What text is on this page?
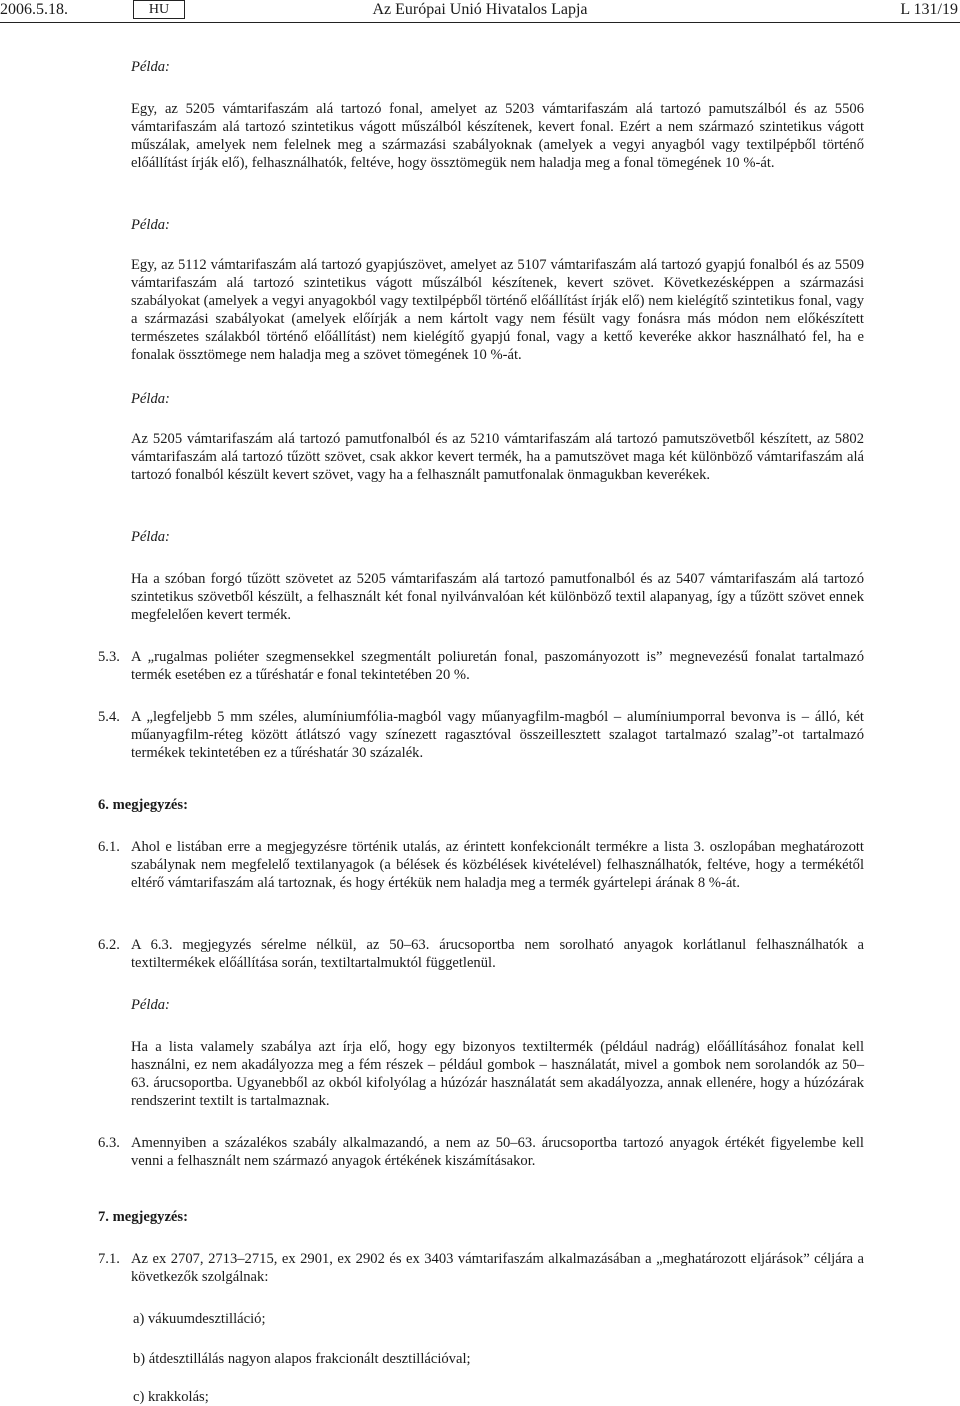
2006.5.18.	Az Európai Unió Hivatalos Lapja
HU	L 131/19
Példa:
Egy, az 5205 vámtarifaszám alá tartozó fonal, amelyet az 5203 vámtarifaszám alá tartozó pamutszálból és az 5506 vámtarifaszám alá tartozó szintetikus vágott műszálból készítenek, kevert fonal. Ezért a nem származó szintetikus vágott műszálak, amelyek nem felelnek meg a származási szabályoknak (amelyek a vegyi anyagból vagy textilpépből történő előállítást írják elő), felhasználhatók, feltéve, hogy össztömegük nem haladja meg a fonal tömegének 10 %-át.
Példa:
Egy, az 5112 vámtarifaszám alá tartozó gyapjúszövet, amelyet az 5107 vámtarifaszám alá tartozó gyapjú fonalból és az 5509 vámtarifaszám alá tartozó szintetikus vágott műszálból készítenek, kevert szövet. Következésképpen a származási szabályokat (amelyek a vegyi anyagokból vagy textilpépből történő előállítást írják elő) nem kielégítő szintetikus fonal, vagy a származási szabályokat (amelyek előírják a nem kártolt vagy nem fésült vagy fonásra más módon nem előkészített természetes szálakból történő előállítást) nem kielégítő gyapjú fonal, vagy a kettő keveréke akkor használható fel, ha e fonalak össztömege nem haladja meg a szövet tömegének 10 %-át.
Példa:
Az 5205 vámtarifaszám alá tartozó pamutfonalból és az 5210 vámtarifaszám alá tartozó pamutszövetből készített, az 5802 vámtarifaszám alá tartozó tűzött szövet, csak akkor kevert termék, ha a pamutszövet maga két különböző vámtarifaszám alá tartozó fonalból készült kevert szövet, vagy ha a felhasznált pamutfonalak önmagukban keverékek.
Példa:
Ha a szóban forgó tűzött szövetet az 5205 vámtarifaszám alá tartozó pamutfonalból és az 5407 vámtarifaszám alá tartozó szintetikus szövetből készült, a felhasznált két fonal nyilvánvalóan két különböző textil alapanyag, így a tűzött szövet ennek megfelelően kevert termék.
5.3. A „rugalmas poliéter szegmensekkel szegmentált poliuretán fonal, paszományozott is” megnevezésű fonalat tartalmazó termék esetében ez a tűréshatár e fonal tekintetében 20 %.
5.4. A „legfeljebb 5 mm széles, alumíniumfólia-magból vagy műanyagfilm-magból – alumíniumporral bevonva is – álló, két műanyagfilm-réteg között átlátszó vagy színezett ragasztóval összeillesztett szalagot tartalmazó szalag”-ot tartalmazó termékek tekintetében ez a tűréshatár 30 százalék.
6. megjegyzés:
6.1. Ahol e listában erre a megjegyzésre történik utalás, az érintett konfekcionált termékre a lista 3. oszlopában meghatározott szabálynak nem megfelelő textilanyagok (a bélések és közbélések kivételével) felhasználhatók, feltéve, hogy a termékétől eltérő vámtarifaszám alá tartoznak, és hogy értékük nem haladja meg a termék gyártelepi árának 8 %-át.
6.2. A 6.3. megjegyzés sérelme nélkül, az 50–63. árucsoportba nem sorolható anyagok korlátlanul felhasználhatók a textiltermékek előállítása során, textiltartalmuktól függetlenül.
Példa:
Ha a lista valamely szabálya azt írja elő, hogy egy bizonyos textiltermék (például nadrág) előállításához fonalat kell használni, ez nem akadályozza meg a fém részek – például gombok – használatát, mivel a gombok nem sorolandók az 50–63. árucsoportba. Ugyanebből az okból kifolyólag a húzózár használatát sem akadályozza, annak ellenére, hogy a húzózárak rendszerint textilt is tartalmaznak.
6.3. Amennyiben a százalékos szabály alkalmazandó, a nem az 50–63. árucsoportba tartozó anyagok értékét figyelembe kell venni a felhasznált nem származó anyagok értékének kiszámításakor.
7. megjegyzés:
7.1. Az ex 2707, 2713–2715, ex 2901, ex 2902 és ex 3403 vámtarifaszám alkalmazásában a „meghatározott eljárások” céljára a következők szolgálnak:
a) vákuumdesztilláció;
b) átdesztillálás nagyon alapos frakcionált desztillációval;
c) krakkolás;
